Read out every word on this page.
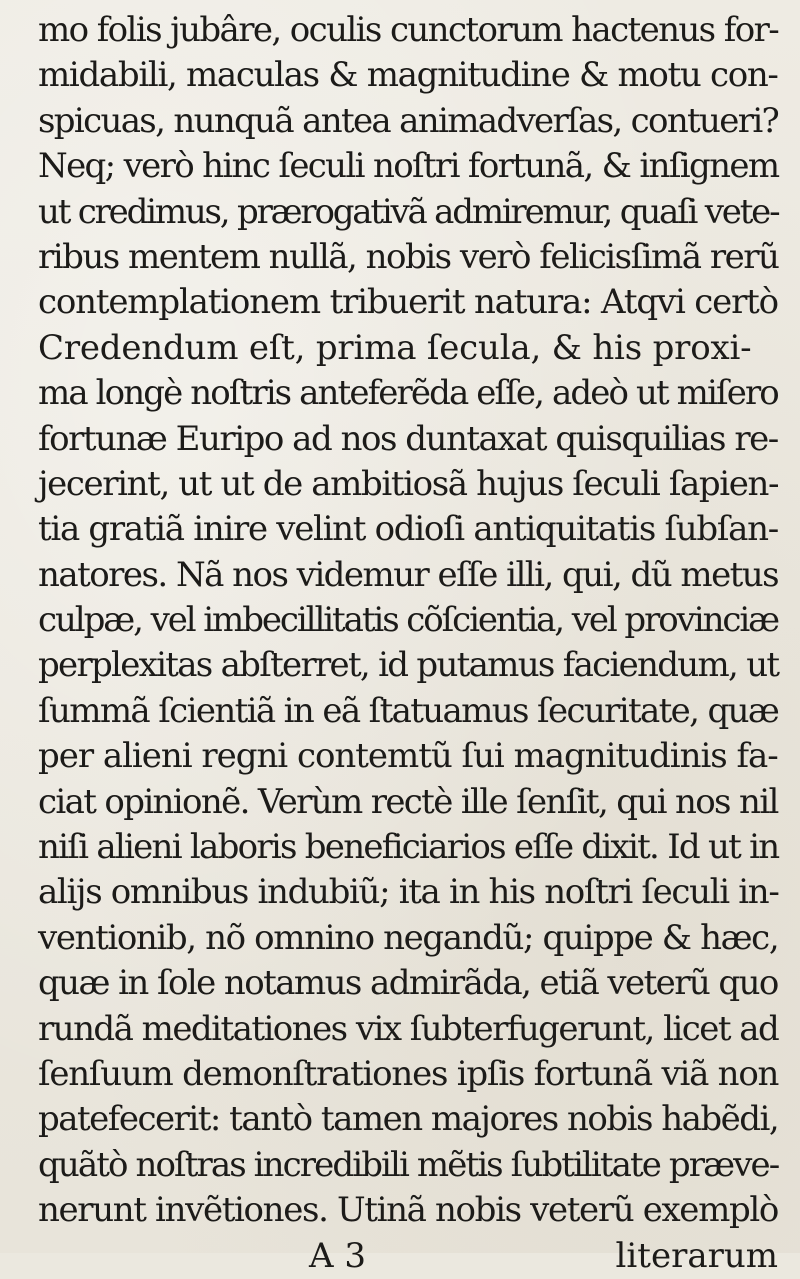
mo folis jubâre, oculis cunctorum hactenus for-
midabili, maculas & magnitudine & motu con-
spicuas, nunquã antea animadverſas, contueri?
Neq; verò hinc ſeculi noſtri fortunã, & inſignem
ut credimus, prærogativã admiremur, quaſi vete-
ribus mentem nullã, nobis verò felicisſimã rerũ
contemplationem tribuerit natura: Atqvi certò
Credendum eſt, prima ſecula, & his proxi-
ma longè noſtris anteferẽda eſſe, adeò ut miſero
fortunæ Euripo ad nos duntaxat quisquilias re-
jecerint, ut ut de ambitiosã hujus ſeculi ſapien-
tia gratiã inire velint odioſi antiquitatis ſubſan-
natores. Nã nos videmur eſſe illi, qui, dũ metus
culpæ, vel imbecillitatis cõſcientia, vel provinciæ
perplexitas abſterret, id putamus faciendum, ut
ſummã ſcientiã in eã ſtatuamus ſecuritate, quæ
per alieni regni contemtũ ſui magnitudinis fa-
ciat opinionẽ. Verùm rectè ille ſenſit, qui nos nil
niſi alieni laboris beneficiarios eſſe dixit. Id ut in
alijs omnibus indubiũ; ita in his noſtri ſeculi in-
ventionib, nõ omnino negandũ; quippe & hæc,
quæ in ſole notamus admirãda, etiã veterũ quo
rundã meditationes vix ſubterfugerunt, licet ad
ſenſuum demonſtrationes ipſis fortunã viã non
patefecerit: tantò tamen majores nobis habẽdi,
quãtò noſtras incredibili mẽtis ſubtilitate præve-
nerunt invẽtiones. Utinã nobis veterũ exemplò
A 3	literarum
